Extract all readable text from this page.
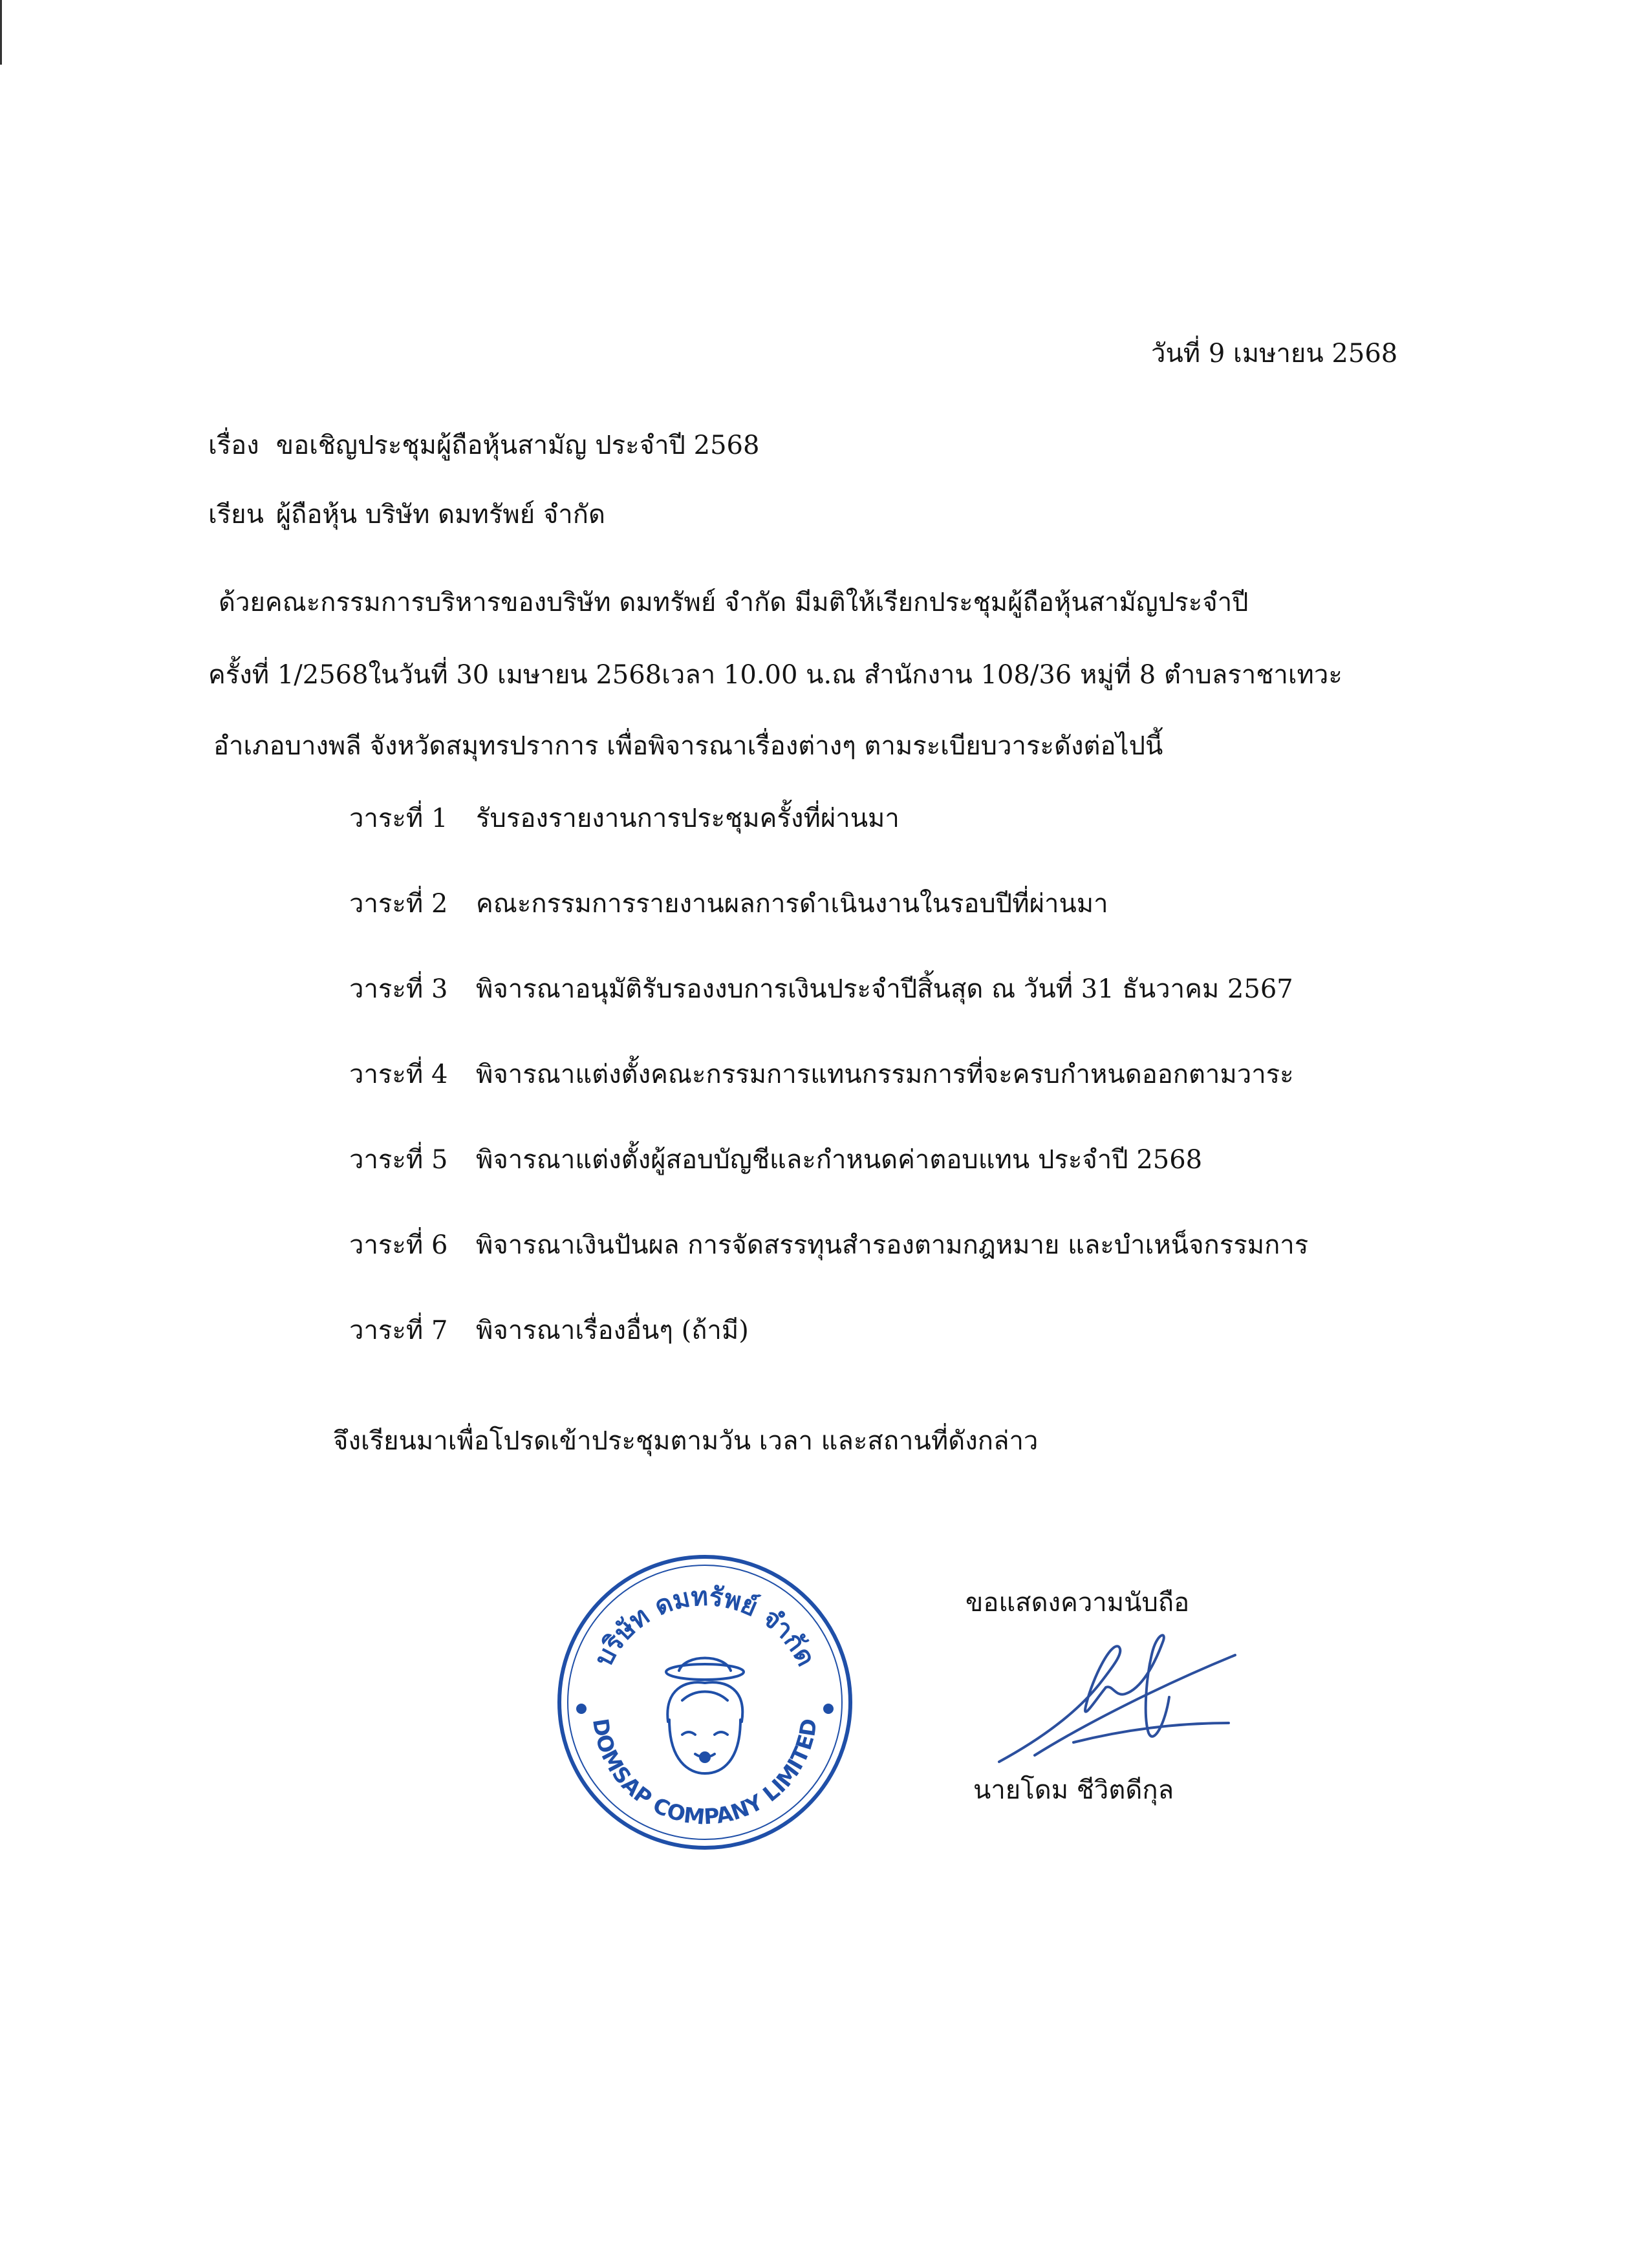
วันที่ 9 เมษายน 2568
เรื่อง ขอเชิญประชุมผู้ถือหุ้นสามัญ ประจำปี 2568
เรียน ผู้ถือหุ้น บริษัท ดมทรัพย์ จำกัด
ด้วยคณะกรรมการบริหารของบริษัท ดมทรัพย์ จำกัด มีมติให้เรียกประชุมผู้ถือหุ้นสามัญประจำปี
ครั้งที่ 1/2568ในวันที่ 30 เมษายน 2568เวลา 10.00 น.ณ สำนักงาน 108/36 หมู่ที่ 8 ตำบลราชาเทวะ
อำเภอบางพลี จังหวัดสมุทรปราการ เพื่อพิจารณาเรื่องต่างๆ ตามระเบียบวาระดังต่อไปนี้
วาระที่ 1 รับรองรายงานการประชุมครั้งที่ผ่านมา
วาระที่ 2 คณะกรรมการรายงานผลการดำเนินงานในรอบปีที่ผ่านมา
วาระที่ 3 พิจารณาอนุมัติรับรองงบการเงินประจำปีสิ้นสุด ณ วันที่ 31 ธันวาคม 2567
วาระที่ 4 พิจารณาแต่งตั้งคณะกรรมการแทนกรรมการที่จะครบกำหนดออกตามวาระ
วาระที่ 5 พิจารณาแต่งตั้งผู้สอบบัญชีและกำหนดค่าตอบแทน ประจำปี 2568
วาระที่ 6 พิจารณาเงินปันผล การจัดสรรทุนสำรองตามกฎหมาย และบำเหน็จกรรมการ
วาระที่ 7 พิจารณาเรื่องอื่นๆ (ถ้ามี)
จึงเรียนมาเพื่อโปรดเข้าประชุมตามวัน เวลา และสถานที่ดังกล่าว
ขอแสดงความนับถือ
บริษัท ดมทรัพย์ จำกัด
DOMSAP COMPANY LIMITED
นายโดม ชีวิตดีกุล
